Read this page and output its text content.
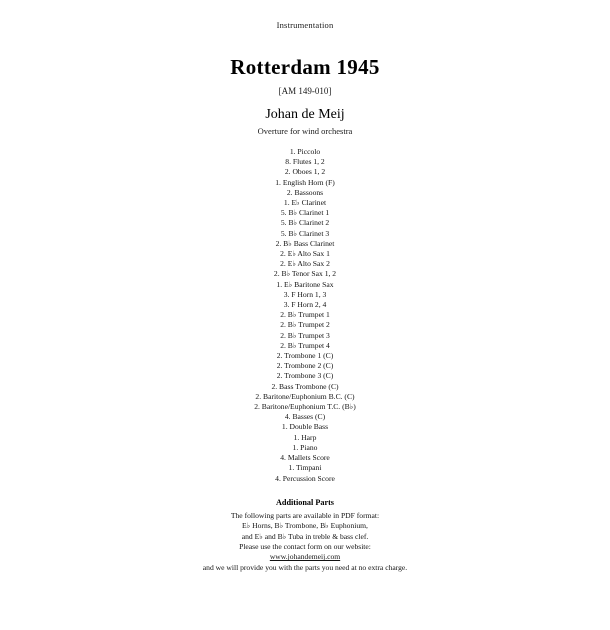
Instrumentation
Rotterdam 1945
[AM 149-010]
Johan de Meij
Overture for wind orchestra
1. Piccolo
8. Flutes 1, 2
2. Oboes 1, 2
1. English Horn (F)
2. Bassoons
1. E♭ Clarinet
5. B♭ Clarinet 1
5. B♭ Clarinet 2
5. B♭ Clarinet 3
2. B♭ Bass Clarinet
2. E♭ Alto Sax 1
2. E♭ Alto Sax 2
2. B♭ Tenor Sax 1, 2
1. E♭ Baritone Sax
3. F Horn 1, 3
3. F Horn 2, 4
2. B♭ Trumpet 1
2. B♭ Trumpet 2
2. B♭ Trumpet 3
2. B♭ Trumpet 4
2. Trombone 1 (C)
2. Trombone 2 (C)
2. Trombone 3 (C)
2. Bass Trombone (C)
2. Baritone/Euphonium B.C. (C)
2. Baritone/Euphonium T.C. (B♭)
4. Basses (C)
1. Double Bass
1. Harp
1. Piano
4. Mallets Score
1. Timpani
4. Percussion Score
Additional Parts
The following parts are available in PDF format:
E♭ Horns, B♭ Trombone, B♭ Euphonium,
and E♭ and B♭ Tuba in treble & bass clef.
Please use the contact form on our website:
www.johandemeij.com
and we will provide you with the parts you need at no extra charge.
